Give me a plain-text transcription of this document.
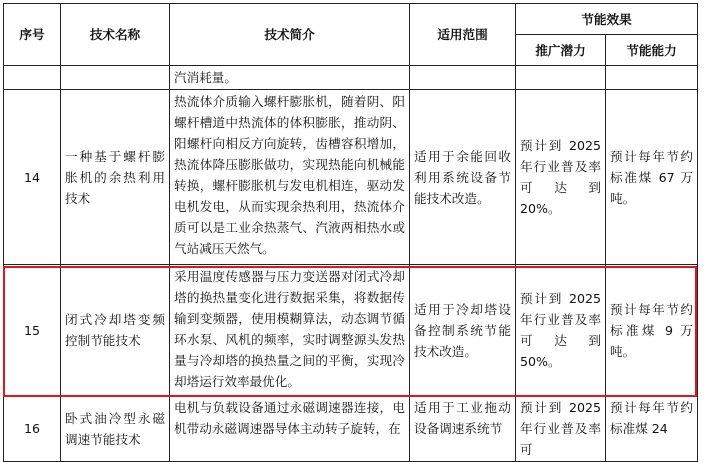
序号	技术名称	技术简介	适用范围	节能效果	
				推广潜力	节能能力
		汽消耗量。			
14	一种基于螺杆膨胀机的余热利用技术	热流体介质输入螺杆膨胀机，随着阴、阳螺杆槽道中热流体的体积膨胀，推动阴、阳螺杆向相反方向旋转，齿槽容积增加，热流体降压膨胀做功，实现热能向机械能转换，螺杆膨胀机与发电机相连，驱动发电机发电，从而实现余热利用，热流体介质可以是工业余热蒸气、汽液两相热水或气站减压天然气。	适用于余能回收利用系统设备节能技术改造。	预计到 2025 年行业普及率可达到 20%。	预计每年节约标准煤 67 万吨。
15	闭式冷却塔变频控制节能技术	采用温度传感器与压力变送器对闭式冷却塔的换热量变化进行数据采集，将数据传输到变频器，使用模糊算法，动态调节循环水泵、风机的频率，实时调整源头发热量与冷却塔的换热量之间的平衡，实现冷却塔运行效率最优化。	适用于冷却塔设备控制系统节能技术改造。	预计到 2025 年行业普及率可达到 50%。	预计每年节约标准煤 9 万吨。
16	卧式油冷型永磁调速节能技术	电机与负载设备通过永磁调速器连接，电机带动永磁调速器导体主动转子旋转，在	适用于工业拖动设备调速系统节	预计到 2025 年行业普及率可	预计每年节约标准煤 24
